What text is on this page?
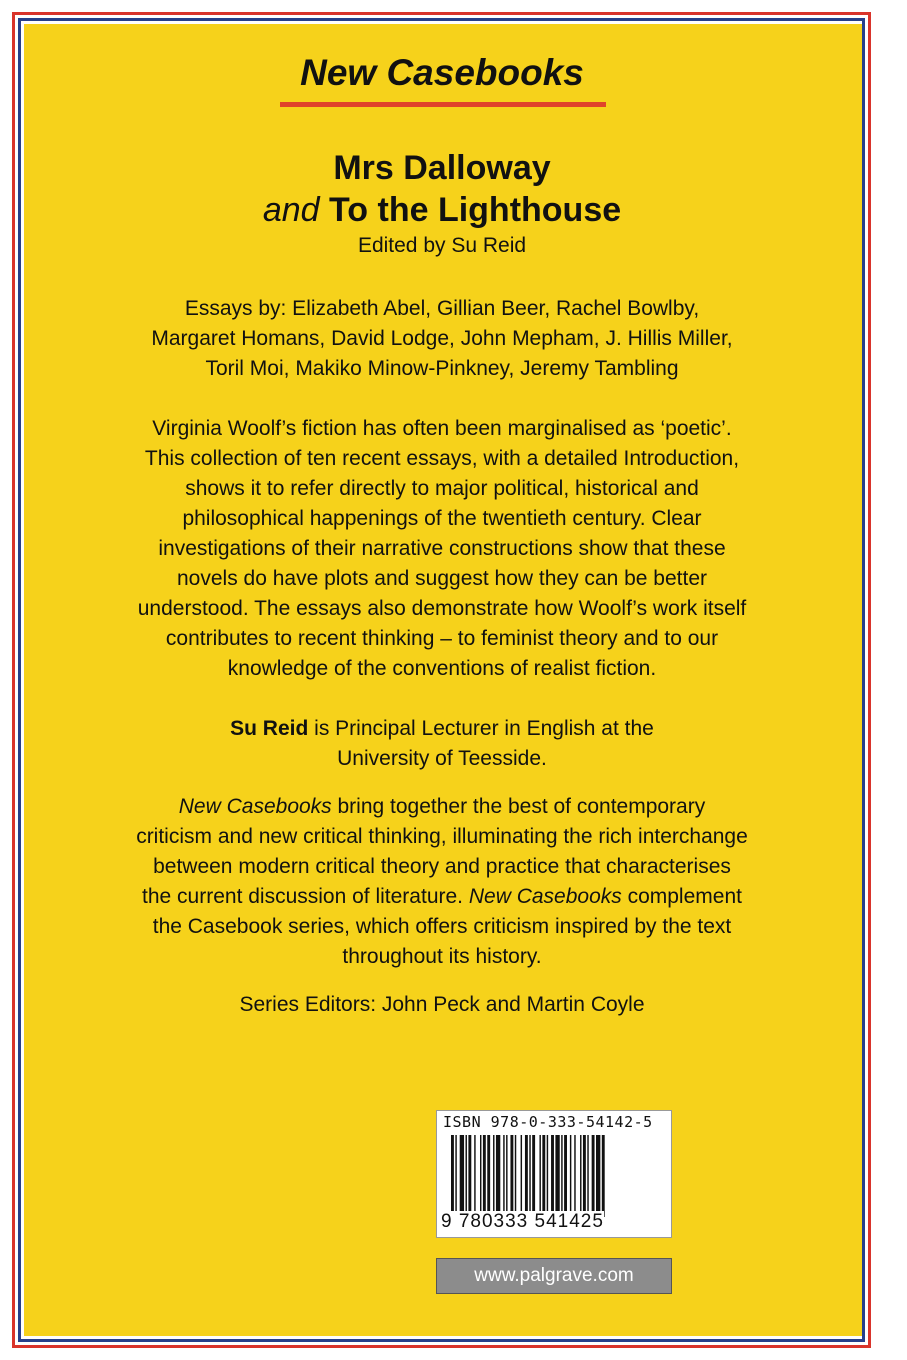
New Casebooks
Mrs Dalloway
and To the Lighthouse
Edited by Su Reid
Essays by: Elizabeth Abel, Gillian Beer, Rachel Bowlby,
Margaret Homans, David Lodge, John Mepham, J. Hillis Miller,
Toril Moi, Makiko Minow-Pinkney, Jeremy Tambling
Virginia Woolf’s fiction has often been marginalised as ‘poetic’.
This collection of ten recent essays, with a detailed Introduction,
shows it to refer directly to major political, historical and
philosophical happenings of the twentieth century. Clear
investigations of their narrative constructions show that these
novels do have plots and suggest how they can be better
understood. The essays also demonstrate how Woolf’s work itself
contributes to recent thinking – to feminist theory and to our
knowledge of the conventions of realist fiction.
Su Reid is Principal Lecturer in English at the
University of Teesside.
New Casebooks bring together the best of contemporary
criticism and new critical thinking, illuminating the rich interchange
between modern critical theory and practice that characterises
the current discussion of literature. New Casebooks complement
the Casebook series, which offers criticism inspired by the text
throughout its history.
Series Editors: John Peck and Martin Coyle
ISBN 978-0-333-54142-5
9 780333 541425
www.palgrave.com
